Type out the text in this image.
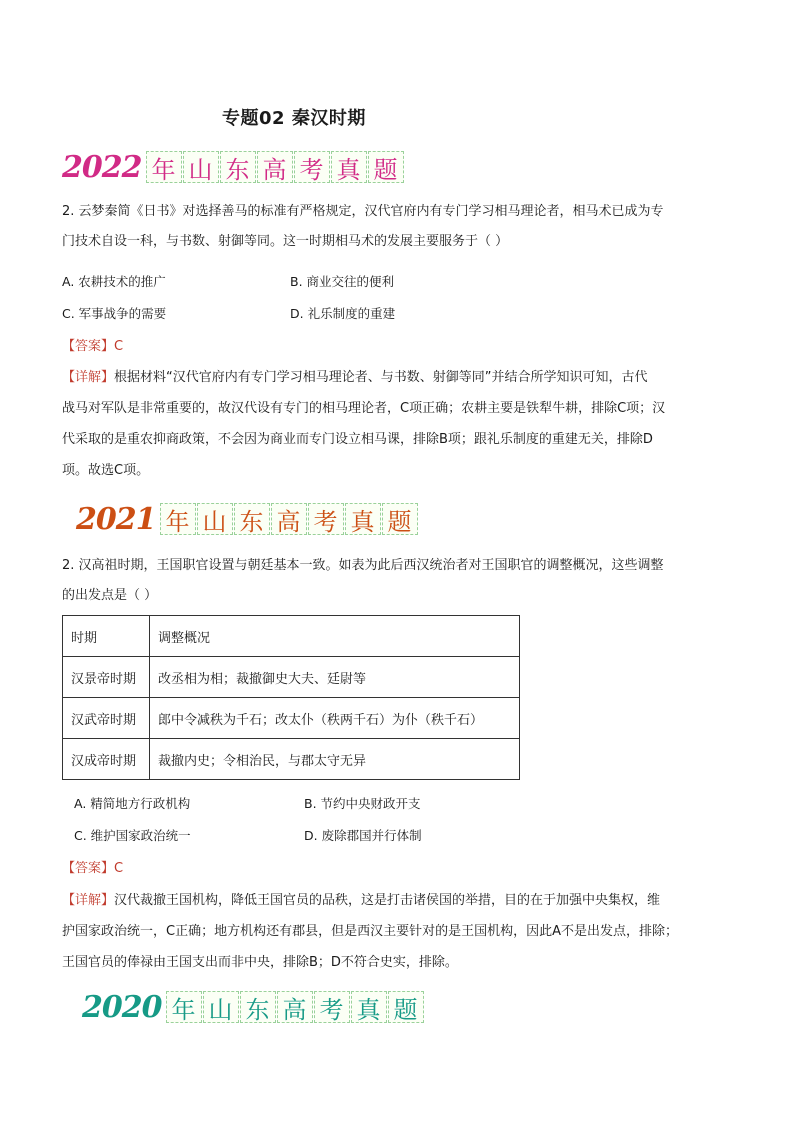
专题02 秦汉时期
2022 年 山 东 高 考 真 题
2. 云梦秦简《日书》对选择善马的标准有严格规定，汉代官府内有专门学习相马理论者，相马术已成为专
门技术自设一科，与书数、射御等同。这一时期相马术的发展主要服务于（ ）
A. 农耕技术的推广	B. 商业交往的便利
C. 军事战争的需要	D. 礼乐制度的重建
【答案】C
【详解】根据材料“汉代官府内有专门学习相马理论者、与书数、射御等同”并结合所学知识可知，古代
战马对军队是非常重要的，故汉代设有专门的相马理论者，C项正确；农耕主要是铁犁牛耕，排除C项；汉
代采取的是重农抑商政策，不会因为商业而专门设立相马课，排除B项；跟礼乐制度的重建无关，排除D
项。故选C项。
2021 年 山 东 高 考 真 题
2. 汉高祖时期，王国职官设置与朝廷基本一致。如表为此后西汉统治者对王国职官的调整概况，这些调整
的出发点是（ ）
时期	调整概况
汉景帝时期	改丞相为相；裁撤御史大夫、廷尉等
汉武帝时期	郎中令减秩为千石；改太仆（秩两千石）为仆（秩千石）
汉成帝时期	裁撤内史；令相治民，与郡太守无异
A. 精简地方行政机构	B. 节约中央财政开支
C. 维护国家政治统一	D. 废除郡国并行体制
【答案】C
【详解】汉代裁撤王国机构，降低王国官员的品秩，这是打击诸侯国的举措，目的在于加强中央集权，维
护国家政治统一，C正确；地方机构还有郡县，但是西汉主要针对的是王国机构，因此A不是出发点，排除；
王国官员的俸禄由王国支出而非中央，排除B；D不符合史实，排除。
2020 年 山 东 高 考 真 题
